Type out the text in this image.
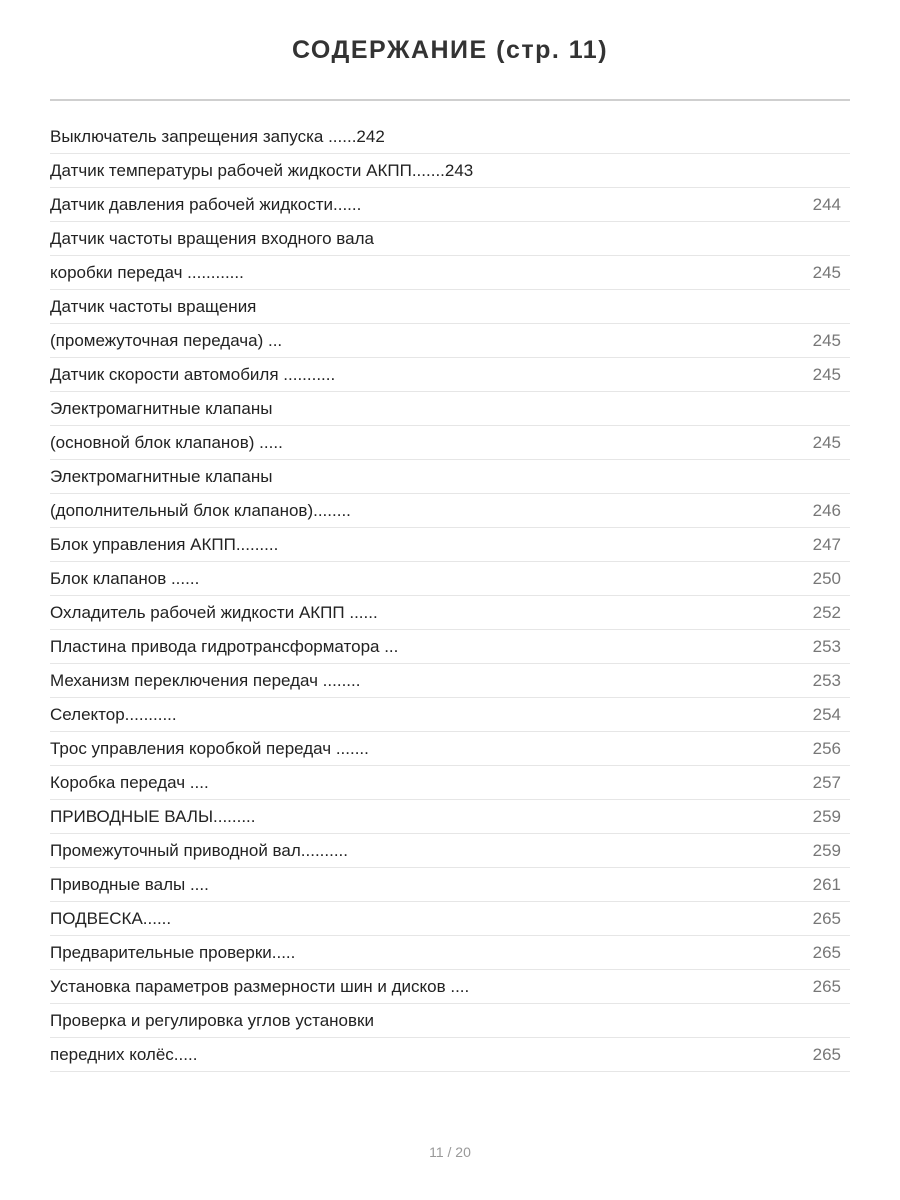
СОДЕРЖАНИЕ (стр. 11)
Выключатель запрещения запуска ......242
Датчик температуры рабочей жидкости АКПП.......243
Датчик давления рабочей жидкости......	244
Датчик частоты вращения входного вала
коробки передач ............	245
Датчик частоты вращения
(промежуточная передача) ...	245
Датчик скорости автомобиля ...........	245
Электромагнитные клапаны
(основной блок клапанов) .....	245
Электромагнитные клапаны
(дополнительный блок клапанов)........	246
Блок управления АКПП.........	247
Блок клапанов ......	250
Охладитель рабочей жидкости АКПП ......	252
Пластина привода гидротрансформатора ...	253
Механизм переключения передач ........	253
Селектор...........	254
Трос управления коробкой передач .......	256
Коробка передач ....	257
ПРИВОДНЫЕ ВАЛЫ.........	259
Промежуточный приводной вал..........	259
Приводные валы ....	261
ПОДВЕСКА......	265
Предварительные проверки.....	265
Установка параметров размерности шин и дисков ....	265
Проверка и регулировка углов установки
передних колёс.....	265
11 / 20
